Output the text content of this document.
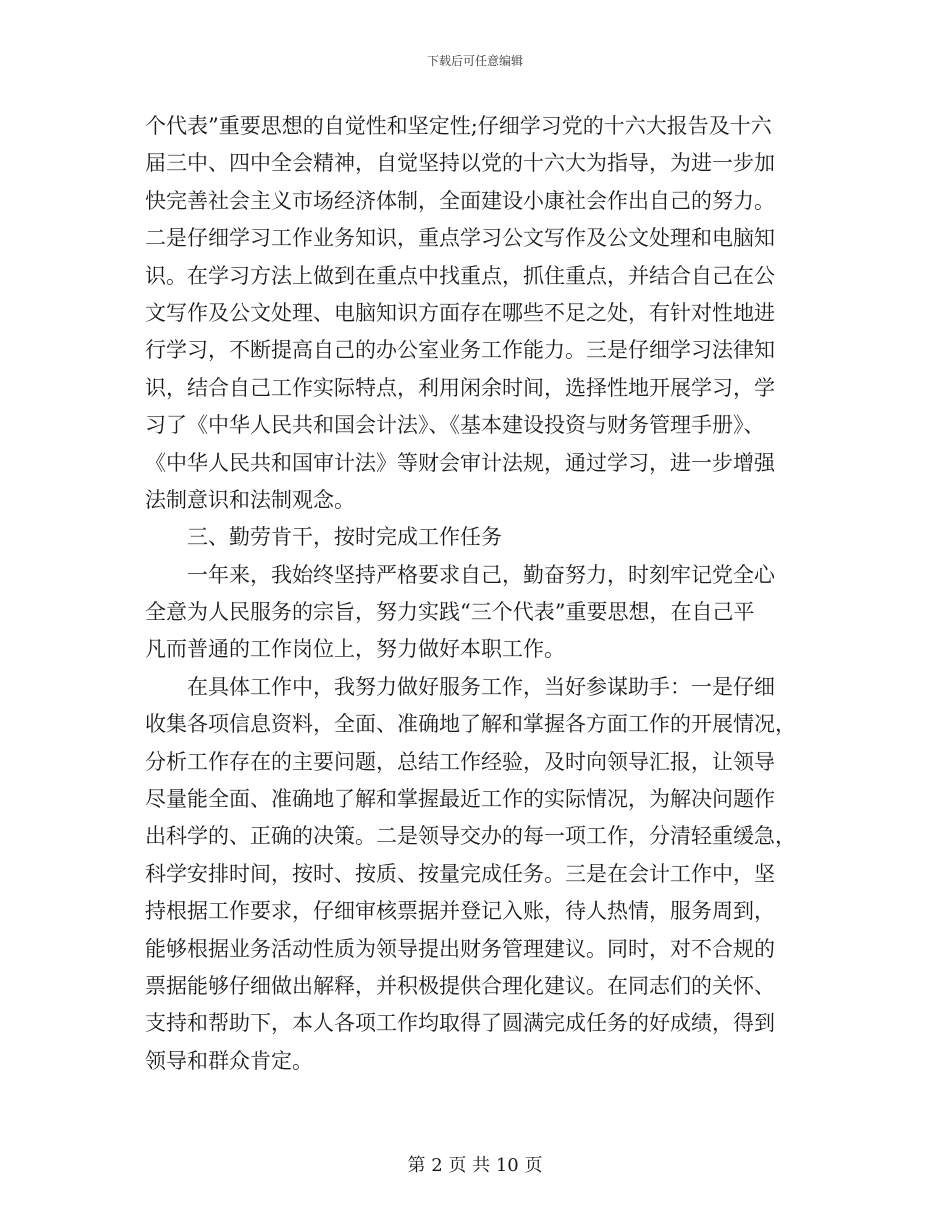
下载后可任意编辑
个代表”重要思想的自觉性和坚定性;仔细学习党的十六大报告及十六
届三中、四中全会精神，自觉坚持以党的十六大为指导，为进一步加
快完善社会主义市场经济体制，全面建设小康社会作出自己的努力。
二是仔细学习工作业务知识，重点学习公文写作及公文处理和电脑知
识。在学习方法上做到在重点中找重点，抓住重点，并结合自己在公
文写作及公文处理、电脑知识方面存在哪些不足之处，有针对性地进
行学习，不断提高自己的办公室业务工作能力。三是仔细学习法律知
识，结合自己工作实际特点，利用闲余时间，选择性地开展学习，学
习了《中华人民共和国会计法》、《基本建设投资与财务管理手册》、
《中华人民共和国审计法》等财会审计法规，通过学习，进一步增强
法制意识和法制观念。
三、勤劳肯干，按时完成工作任务
一年来，我始终坚持严格要求自己，勤奋努力，时刻牢记党全心
全意为人民服务的宗旨，努力实践“三个代表”重要思想，在自己平
凡而普通的工作岗位上，努力做好本职工作。
在具体工作中，我努力做好服务工作，当好参谋助手：一是仔细
收集各项信息资料，全面、准确地了解和掌握各方面工作的开展情况，
分析工作存在的主要问题，总结工作经验，及时向领导汇报，让领导
尽量能全面、准确地了解和掌握最近工作的实际情况，为解决问题作
出科学的、正确的决策。二是领导交办的每一项工作，分清轻重缓急，
科学安排时间，按时、按质、按量完成任务。三是在会计工作中，坚
持根据工作要求，仔细审核票据并登记入账，待人热情，服务周到，
能够根据业务活动性质为领导提出财务管理建议。同时，对不合规的
票据能够仔细做出解释，并积极提供合理化建议。在同志们的关怀、
支持和帮助下，本人各项工作均取得了圆满完成任务的好成绩，得到
领导和群众肯定。
第 2 页 共 10 页
